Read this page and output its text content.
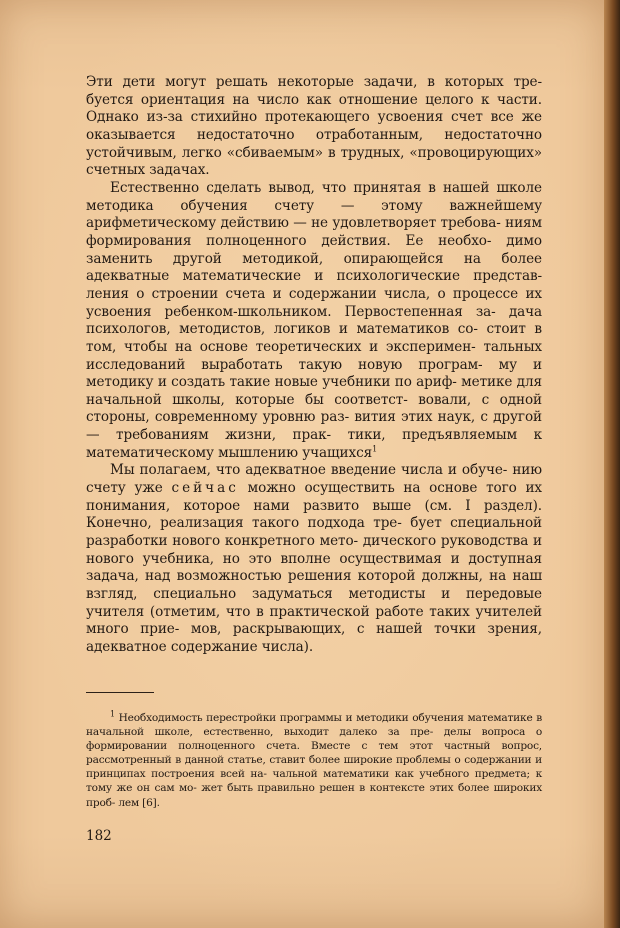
Эти дети могут решать некоторые задачи, в которых тре- буется ориентация на число как отношение целого к части. Однако из-за стихийно протекающего усвоения счет все же оказывается недостаточно отработанным, недостаточно устойчивым, легко «сбиваемым» в трудных, «провоцирующих» счетных задачах.

Естественно сделать вывод, что принятая в нашей школе методика обучения счету — этому важнейшему арифметическому действию — не удовлетворяет требова- ниям формирования полноценного действия. Ее необхо- димо заменить другой методикой, опирающейся на более адекватные математические и психологические представ- ления о строении счета и содержании числа, о процессе их усвоения ребенком-школьником. Первостепенная за- дача психологов, методистов, логиков и математиков со- стоит в том, чтобы на основе теоретических и эксперимен- тальных исследований выработать такую новую програм- му и методику и создать такие новые учебники по ариф- метике для начальной школы, которые бы соответст- вовали, с одной стороны, современному уровню раз- вития этих наук, с другой — требованиям жизни, прак- тики, предъявляемым к математическому мышлению учащихся$^1$

Мы полагаем, что адекватное введение числа и обуче- нию счету уже сейчас можно осуществить на основе того их понимания, которое нами развито выше (см. I раздел). Конечно, реализация такого подхода тре- бует специальной разработки нового конкретного мето- дического руководства и нового учебника, но это вполне осуществимая и доступная задача, над возможностью решения которой должны, на наш взгляд, специально задуматься методисты и передовые учителя (отметим, что в практической работе таких учителей много прие- мов, раскрывающих, с нашей точки зрения, адекватное содержание числа).

$^1$ Необходимость перестройки программы и методики обучения математике в начальной школе, естественно, выходит далеко за пре- делы вопроса о формировании полноценного счета. Вместе с тем этот частный вопрос, рассмотренный в данной статье, ставит более широкие проблемы о содержании и принципах построения всей на- чальной математики как учебного предмета; к тому же он сам мо- жет быть правильно решен в контексте этих более широких проб- лем [6].

182
